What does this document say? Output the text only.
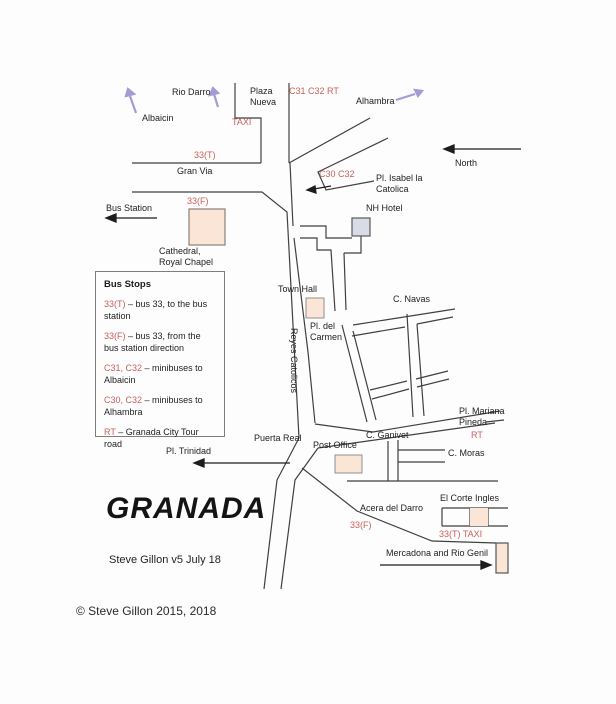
Rio Darro
Albaicin
Plaza Nueva	Alhambra
North
Gran Via
Bus Station
Pl. Isabel la Catolica
NH Hotel
Cathedral, Royal Chapel
Town Hall
C. Navas
Pl. del Carmen
Reyes Catolicos
Puerta Real
Pl. Trinidad
Post Office
C. Ganivet
C. Moras
Pl. Mariana Pineda
El Corte Ingles
Acera del Darro
Mercadona and Rio Genil
TAXI
C31 C32 RT
33(T)
C30 C32
33(F)
RT
33(F)
33(T) TAXI
Bus Stops
33(T) – bus 33, to the bus station
33(F) – bus 33, from the bus station direction
C31, C32 – minibuses to Albaicin
C30, C32 – minibuses to Alhambra
RT – Granada City Tour road
GRANADA
Steve Gillon v5 July 18
© Steve Gillon 2015, 2018
